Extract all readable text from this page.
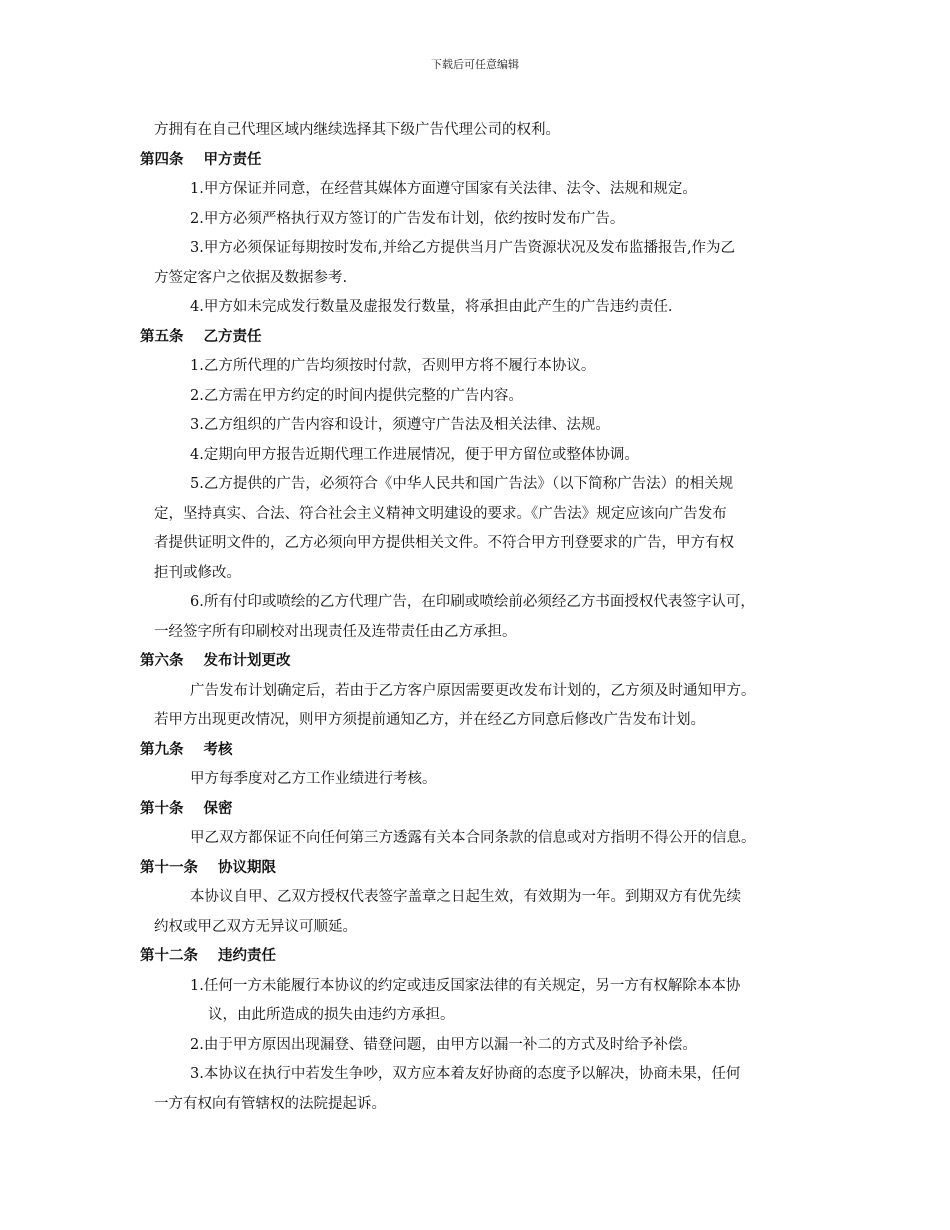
下载后可任意编辑
方拥有在自己代理区域内继续选择其下级广告代理公司的权利。
第四条 甲方责任
1.甲方保证并同意，在经营其媒体方面遵守国家有关法律、法令、法规和规定。
2.甲方必须严格执行双方签订的广告发布计划，依约按时发布广告。
3.甲方必须保证每期按时发布,并给乙方提供当月广告资源状况及发布监播报告,作为乙
方签定客户之依据及数据参考.
4.甲方如未完成发行数量及虚报发行数量，将承担由此产生的广告违约责任.
第五条 乙方责任
1.乙方所代理的广告均须按时付款，否则甲方将不履行本协议。
2.乙方需在甲方约定的时间内提供完整的广告内容。
3.乙方组织的广告内容和设计，须遵守广告法及相关法律、法规。
4.定期向甲方报告近期代理工作进展情况，便于甲方留位或整体协调。
5.乙方提供的广告，必须符合《中华人民共和国广告法》（以下简称广告法）的相关规
定，坚持真实、合法、符合社会主义精神文明建设的要求。《广告法》规定应该向广告发布
者提供证明文件的，乙方必须向甲方提供相关文件。不符合甲方刊登要求的广告，甲方有权
拒刊或修改。
6.所有付印或喷绘的乙方代理广告，在印刷或喷绘前必须经乙方书面授权代表签字认可，
一经签字所有印刷校对出现责任及连带责任由乙方承担。
第六条 发布计划更改
广告发布计划确定后，若由于乙方客户原因需要更改发布计划的，乙方须及时通知甲方。
若甲方出现更改情况，则甲方须提前通知乙方，并在经乙方同意后修改广告发布计划。
第九条 考核
甲方每季度对乙方工作业绩进行考核。
第十条 保密
甲乙双方都保证不向任何第三方透露有关本合同条款的信息或对方指明不得公开的信息。
第十一条 协议期限
本协议自甲、乙双方授权代表签字盖章之日起生效，有效期为一年。到期双方有优先续
约权或甲乙双方无异议可顺延。
第十二条 违约责任
1.任何一方未能履行本协议的约定或违反国家法律的有关规定，另一方有权解除本本协
议，由此所造成的损失由违约方承担。
2.由于甲方原因出现漏登、错登问题，由甲方以漏一补二的方式及时给予补偿。
3.本协议在执行中若发生争吵，双方应本着友好协商的态度予以解决，协商未果，任何
一方有权向有管辖权的法院提起诉。
